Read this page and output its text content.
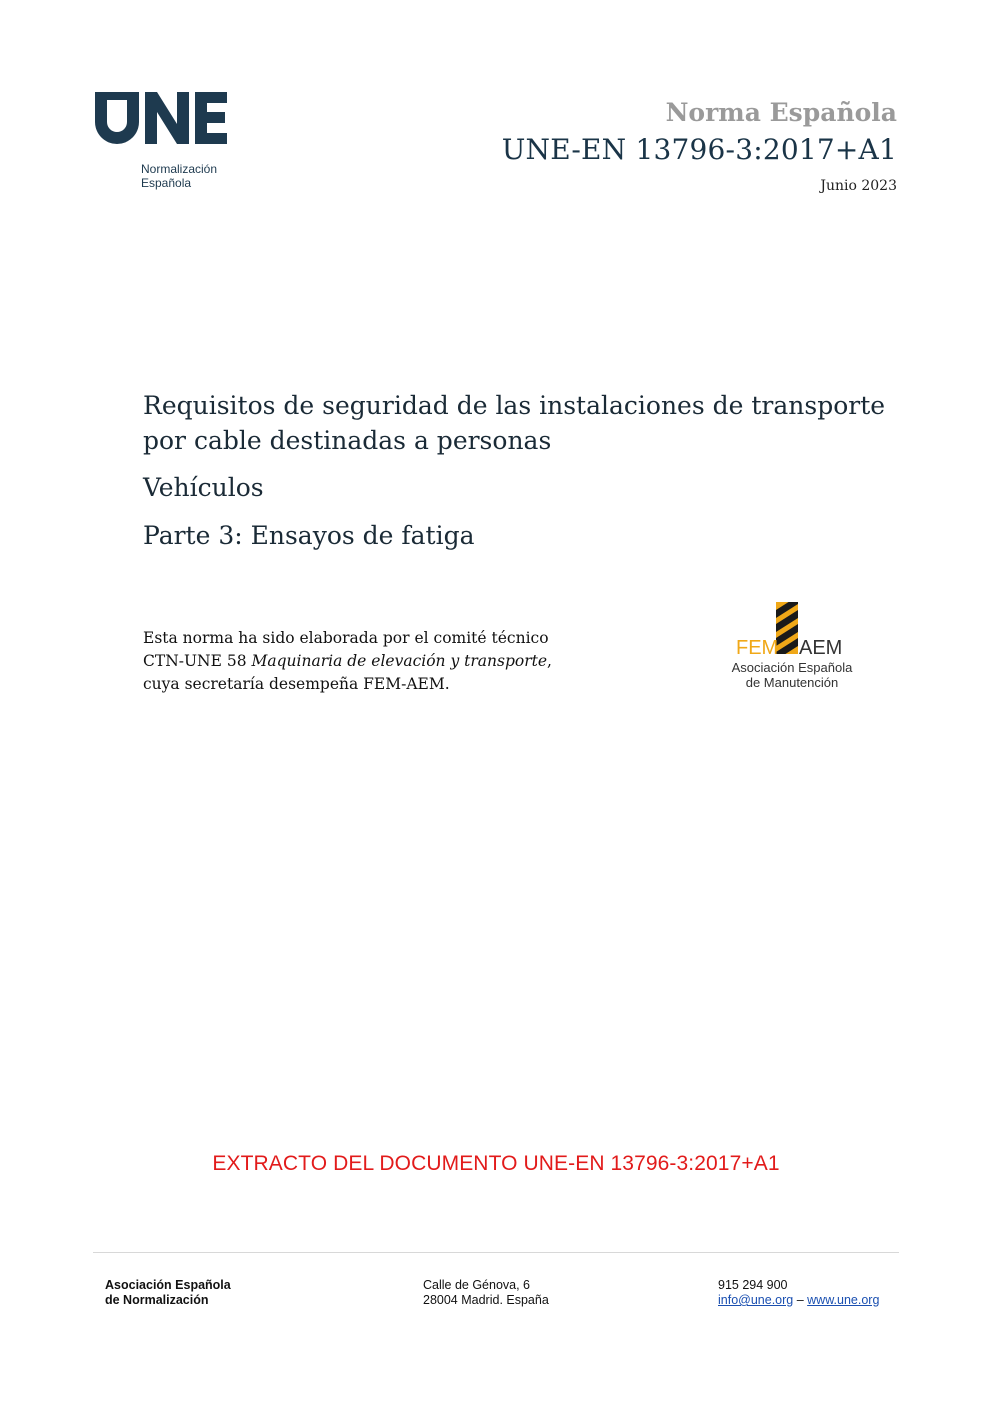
Normalización
Española
Norma Española
UNE-EN 13796-3:2017+A1
Junio 2023
Requisitos de seguridad de las instalaciones de transporte por cable destinadas a personas
Vehículos
Parte 3: Ensayos de fatiga
Esta norma ha sido elaborada por el comité técnico
CTN-UNE 58 Maquinaria de elevación y transporte,
cuya secretaría desempeña FEM-AEM.
FEM AEM
Asociación Española
de Manutención
EXTRACTO DEL DOCUMENTO UNE-EN 13796-3:2017+A1
Asociación Española
de Normalización
Calle de Génova, 6
28004 Madrid. España
915 294 900
info@une.org – www.une.org
